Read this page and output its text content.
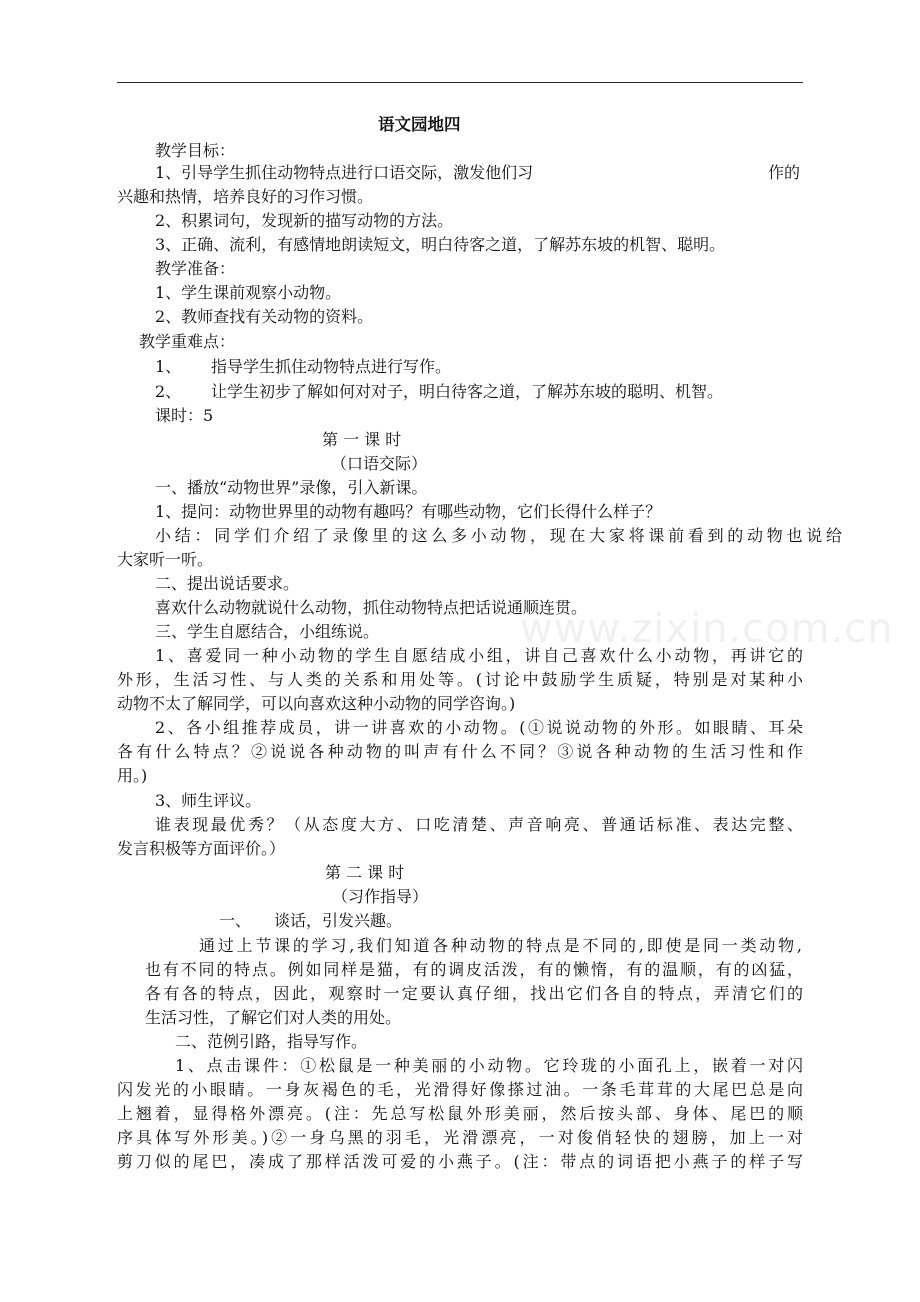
www.zixin.com.cn
语文园地四
教学目标：
1、引导学生抓住动物特点进行口语交际，激发他们习	作的
兴趣和热情，培养良好的习作习惯。
2、积累词句，发现新的描写动物的方法。
3、正确、流利，有感情地朗读短文，明白待客之道，了解苏东坡的机智、聪明。
教学准备：
1、学生课前观察小动物。
2、教师查找有关动物的资料。
教学重难点：
1、 指导学生抓住动物特点进行写作。
2、 让学生初步了解如何对对子，明白待客之道，了解苏东坡的聪明、机智。
课时：5
第 一 课 时
（口语交际）
一、播放“动物世界”录像，引入新课。
1、提问：动物世界里的动物有趣吗？有哪些动物，它们长得什么样子？
小结：同学们介绍了录像里的这么多小动物，现在大家将课前看到的动物也说给
大家听一听。
二、提出说话要求。
喜欢什么动物就说什么动物，抓住动物特点把话说通顺连贯。
三、学生自愿结合，小组练说。
1、喜爱同一种小动物的学生自愿结成小组，讲自己喜欢什么小动物，再讲它的
外形，生活习性、与人类的关系和用处等。(讨论中鼓励学生质疑，特别是对某种小
动物不太了解同学，可以向喜欢这种小动物的同学咨询。)
2、各小组推荐成员，讲一讲喜欢的小动物。(①说说动物的外形。如眼睛、耳朵
各有什么特点？②说说各种动物的叫声有什么不同？③说各种动物的生活习性和作
用。)
3、师生评议。
谁表现最优秀？（从态度大方、口吃清楚、声音响亮、普通话标准、表达完整、
发言积极等方面评价。）
第 二 课 时
（习作指导）
一、 谈话，引发兴趣。
通过上节课的学习,我们知道各种动物的特点是不同的,即使是同一类动物,
也有不同的特点。例如同样是猫，有的调皮活泼，有的懒惰，有的温顺，有的凶猛，
各有各的特点，因此，观察时一定要认真仔细，找出它们各自的特点，弄清它们的
生活习性，了解它们对人类的用处。
二、范例引路，指导写作。
1、点击课件：①松鼠是一种美丽的小动物。它玲珑的小面孔上，嵌着一对闪
闪发光的小眼睛。一身灰褐色的毛，光滑得好像搽过油。一条毛茸茸的大尾巴总是向
上翘着，显得格外漂亮。(注：先总写松鼠外形美丽，然后按头部、身体、尾巴的顺
序具体写外形美。)②一身乌黑的羽毛，光滑漂亮，一对俊俏轻快的翅膀，加上一对
剪刀似的尾巴，凑成了那样活泼可爱的小燕子。(注：带点的词语把小燕子的样子写
